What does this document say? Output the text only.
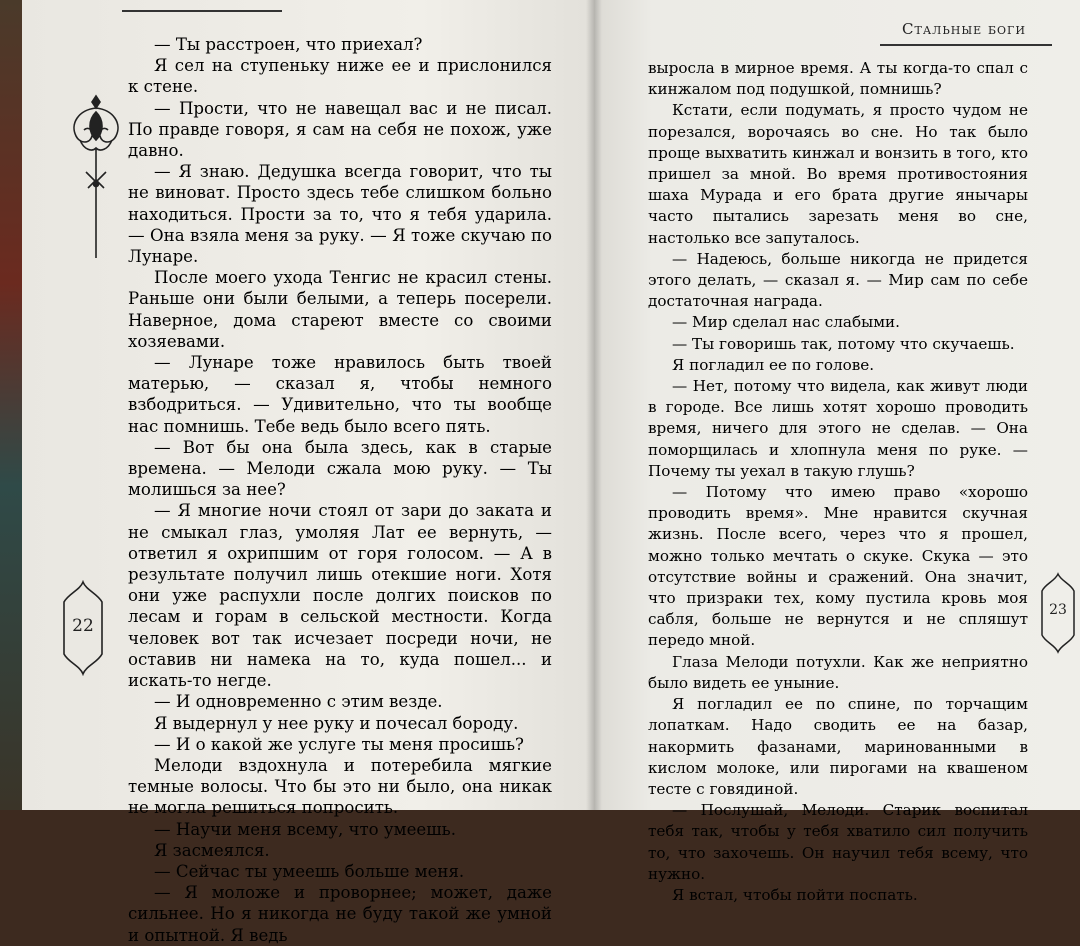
Стальные боги
22
23

— Ты расстроен, что приехал?

Я сел на ступеньку ниже ее и прислонился к стене.

— Прости, что не навещал вас и не писал. По правде говоря, я сам на себя не похож, уже давно.

— Я знаю. Дедушка всегда говорит, что ты не виноват. Просто здесь тебе слишком больно находиться. Прости за то, что я тебя ударила. — Она взяла меня за руку. — Я тоже скучаю по Лунаре.

После моего ухода Тенгис не красил стены. Раньше они были белыми, а теперь посерели. Наверное, дома стареют вместе со своими хозяевами.

— Лунаре тоже нравилось быть твоей матерью, — сказал я, чтобы немного взбодриться. — Удивительно, что ты вообще нас помнишь. Тебе ведь было всего пять.

— Вот бы она была здесь, как в старые времена. — Мелоди сжала мою руку. — Ты молишься за нее?

— Я многие ночи стоял от зари до заката и не смыкал глаз, умоляя Лат ее вернуть, — ответил я охрипшим от горя голосом. — А в результате получил лишь отекшие ноги. Хотя они уже распухли после долгих поисков по лесам и горам в сельской местности. Когда человек вот так исчезает посреди ночи, не оставив ни намека на то, куда пошел... и искать-то негде.

— И одновременно с этим везде.

Я выдернул у нее руку и почесал бороду.

— И о какой же услуге ты меня просишь?

Мелоди вздохнула и потеребила мягкие темные волосы. Что бы это ни было, она никак не могла решиться попросить.

— Научи меня всему, что умеешь.

Я засмеялся.

— Сейчас ты умеешь больше меня.

— Я моложе и проворнее; может, даже сильнее. Но я никогда не буду такой же умной и опытной. Я ведь

выросла в мирное время. А ты когда-то спал с кинжалом под подушкой, помнишь?

Кстати, если подумать, я просто чудом не порезался, ворочаясь во сне. Но так было проще выхватить кинжал и вонзить в того, кто пришел за мной. Во время противостояния шаха Мурада и его брата другие янычары часто пытались зарезать меня во сне, настолько все запуталось.

— Надеюсь, больше никогда не придется этого делать, — сказал я. — Мир сам по себе достаточная награда.

— Мир сделал нас слабыми.

— Ты говоришь так, потому что скучаешь.

Я погладил ее по голове.

— Нет, потому что видела, как живут люди в городе. Все лишь хотят хорошо проводить время, ничего для этого не сделав. — Она поморщилась и хлопнула меня по руке. — Почему ты уехал в такую глушь?

— Потому что имею право «хорошо проводить время». Мне нравится скучная жизнь. После всего, через что я прошел, можно только мечтать о скуке. Скука — это отсутствие войны и сражений. Она значит, что призраки тех, кому пустила кровь моя сабля, больше не вернутся и не спляшут передо мной.

Глаза Мелоди потухли. Как же неприятно было видеть ее уныние.

Я погладил ее по спине, по торчащим лопаткам. Надо сводить ее на базар, накормить фазанами, маринованными в кислом молоке, или пирогами на квашеном тесте с говядиной.

— Послушай, Мелоди. Старик воспитал тебя так, чтобы у тебя хватило сил получить то, что захочешь. Он научил тебя всему, что нужно.

Я встал, чтобы пойти поспать.
